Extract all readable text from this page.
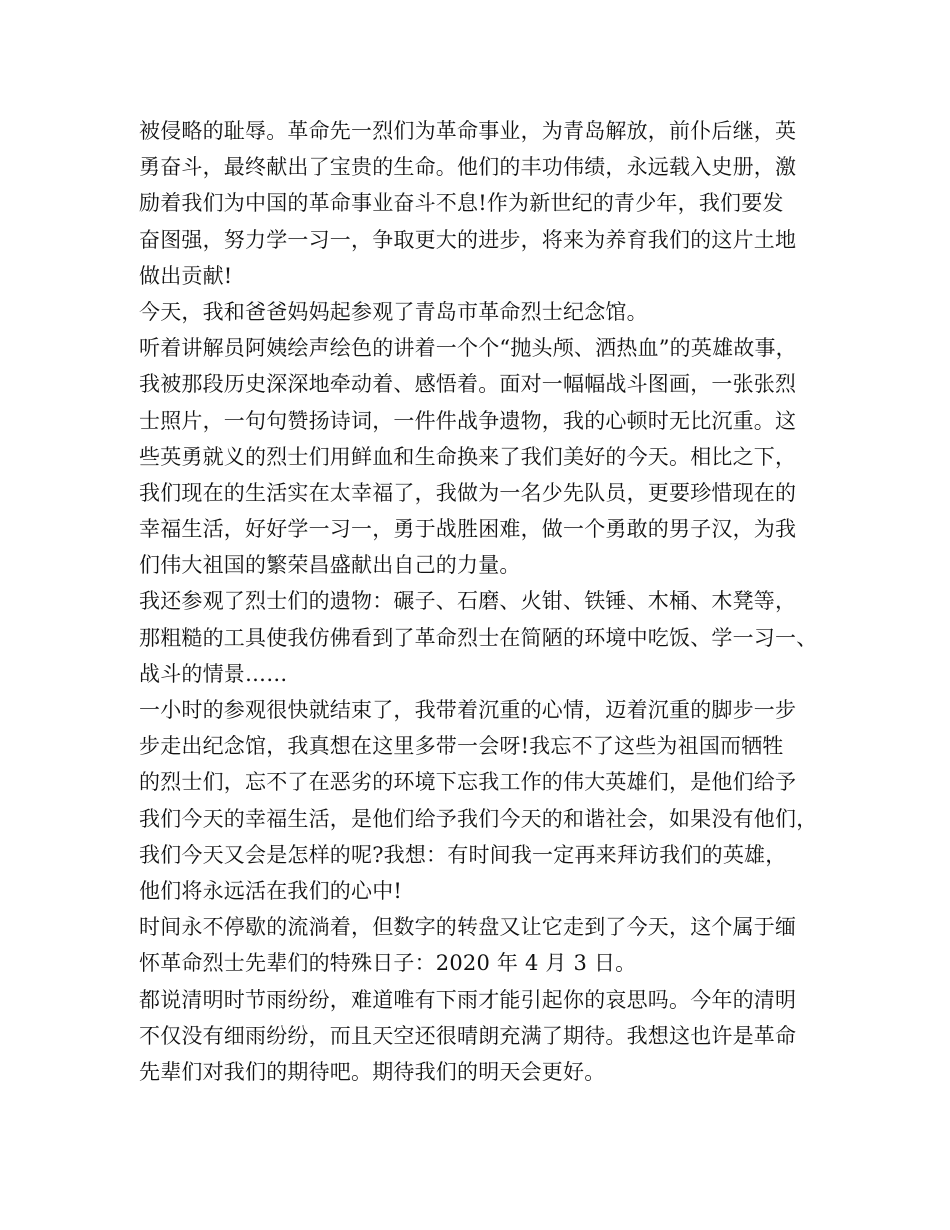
被侵略的耻辱。革命先一烈们为革命事业，为青岛解放，前仆后继，英
勇奋斗，最终献出了宝贵的生命。他们的丰功伟绩，永远载入史册，激
励着我们为中国的革命事业奋斗不息!作为新世纪的青少年，我们要发
奋图强，努力学一习一，争取更大的进步，将来为养育我们的这片土地
做出贡献!
今天，我和爸爸妈妈起参观了青岛市革命烈士纪念馆。
听着讲解员阿姨绘声绘色的讲着一个个“抛头颅、洒热血”的英雄故事，
我被那段历史深深地牵动着、感悟着。面对一幅幅战斗图画，一张张烈
士照片，一句句赞扬诗词，一件件战争遗物，我的心顿时无比沉重。这
些英勇就义的烈士们用鲜血和生命换来了我们美好的今天。相比之下，
我们现在的生活实在太幸福了，我做为一名少先队员，更要珍惜现在的
幸福生活，好好学一习一，勇于战胜困难，做一个勇敢的男子汉，为我
们伟大祖国的繁荣昌盛献出自己的力量。
我还参观了烈士们的遗物：碾子、石磨、火钳、铁锤、木桶、木凳等，
那粗糙的工具使我仿佛看到了革命烈士在简陋的环境中吃饭、学一习一、
战斗的情景……
一小时的参观很快就结束了，我带着沉重的心情，迈着沉重的脚步一步
步走出纪念馆，我真想在这里多带一会呀!我忘不了这些为祖国而牺牲
的烈士们，忘不了在恶劣的环境下忘我工作的伟大英雄们，是他们给予
我们今天的幸福生活，是他们给予我们今天的和谐社会，如果没有他们，
我们今天又会是怎样的呢?我想：有时间我一定再来拜访我们的英雄，
他们将永远活在我们的心中!
时间永不停歇的流淌着，但数字的转盘又让它走到了今天，这个属于缅
怀革命烈士先辈们的特殊日子：2020 年 4 月 3 日。
都说清明时节雨纷纷，难道唯有下雨才能引起你的哀思吗。今年的清明
不仅没有细雨纷纷，而且天空还很晴朗充满了期待。我想这也许是革命
先辈们对我们的期待吧。期待我们的明天会更好。
